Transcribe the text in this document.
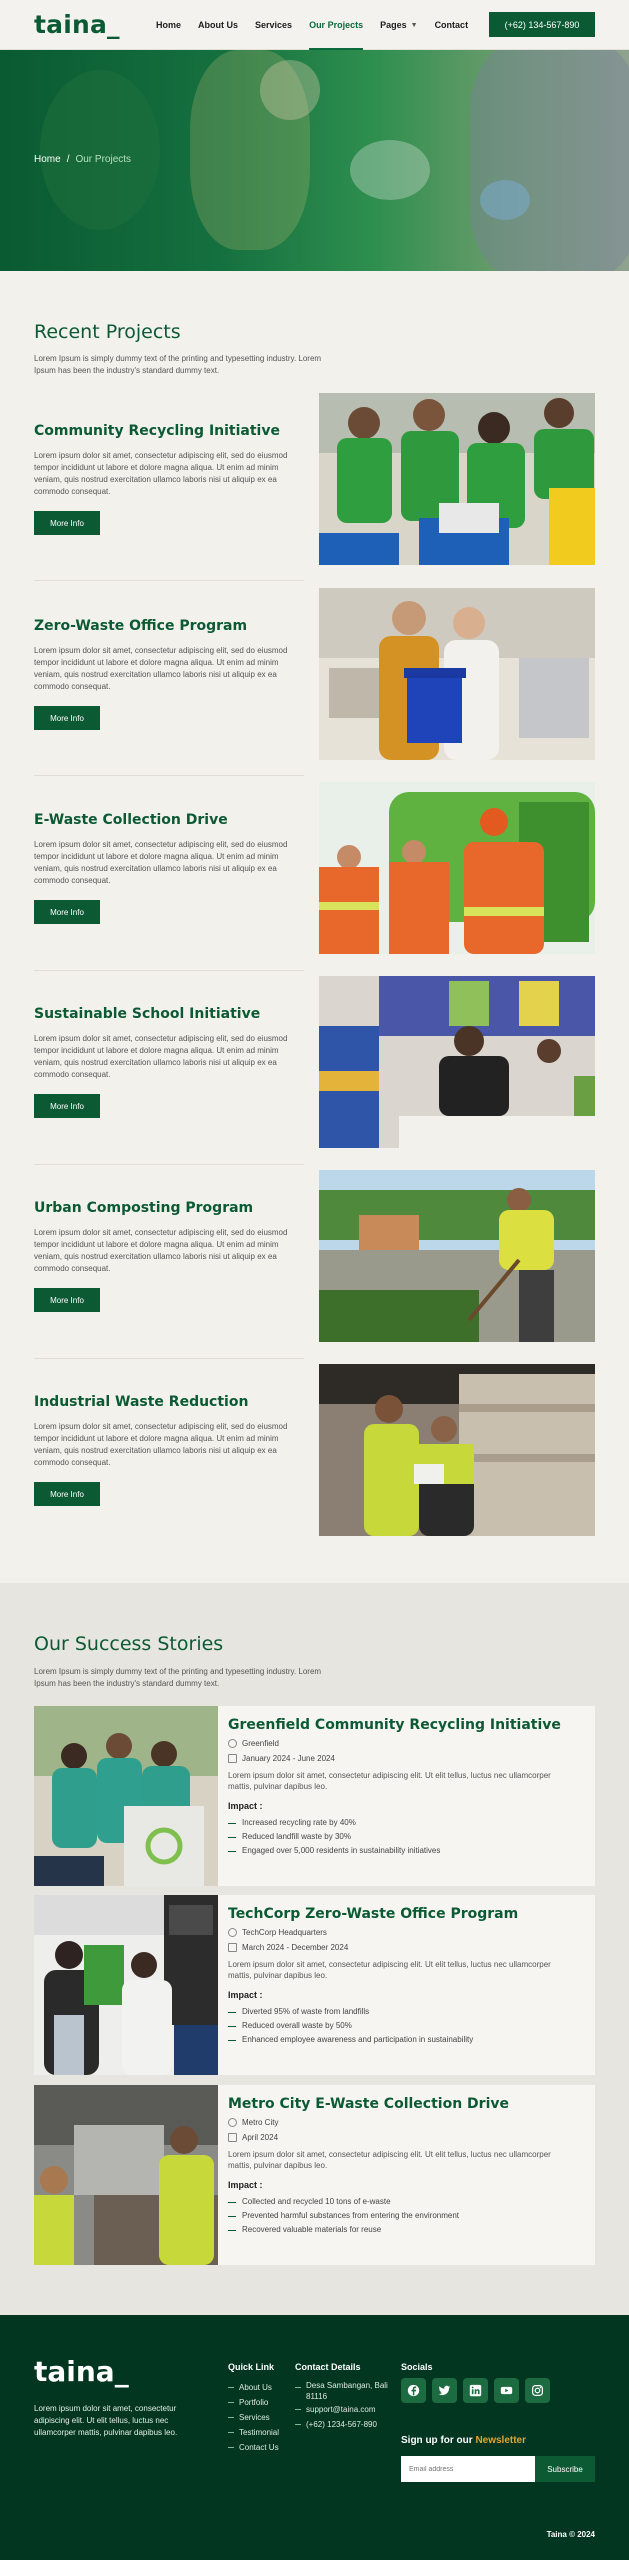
taina_	Home About Us Services Our Projects Pages ▼ Contact	(+62) 134-567-890
Home / Our Projects
Recent Projects
Lorem Ipsum is simply dummy text of the printing and typesetting industry. Lorem Ipsum has been the industry's standard dummy text.
Community Recycling Initiative
Lorem ipsum dolor sit amet, consectetur adipiscing elit, sed do eiusmod tempor incididunt ut labore et dolore magna aliqua. Ut enim ad minim veniam, quis nostrud exercitation ullamco laboris nisi ut aliquip ex ea commodo consequat.
More Info
Zero-Waste Office Program
Lorem ipsum dolor sit amet, consectetur adipiscing elit, sed do eiusmod tempor incididunt ut labore et dolore magna aliqua. Ut enim ad minim veniam, quis nostrud exercitation ullamco laboris nisi ut aliquip ex ea commodo consequat.
More Info
E-Waste Collection Drive
Lorem ipsum dolor sit amet, consectetur adipiscing elit, sed do eiusmod tempor incididunt ut labore et dolore magna aliqua. Ut enim ad minim veniam, quis nostrud exercitation ullamco laboris nisi ut aliquip ex ea commodo consequat.
More Info
Sustainable School Initiative
Lorem ipsum dolor sit amet, consectetur adipiscing elit, sed do eiusmod tempor incididunt ut labore et dolore magna aliqua. Ut enim ad minim veniam, quis nostrud exercitation ullamco laboris nisi ut aliquip ex ea commodo consequat.
More Info
Urban Composting Program
Lorem ipsum dolor sit amet, consectetur adipiscing elit, sed do eiusmod tempor incididunt ut labore et dolore magna aliqua. Ut enim ad minim veniam, quis nostrud exercitation ullamco laboris nisi ut aliquip ex ea commodo consequat.
More Info
Industrial Waste Reduction
Lorem ipsum dolor sit amet, consectetur adipiscing elit, sed do eiusmod tempor incididunt ut labore et dolore magna aliqua. Ut enim ad minim veniam, quis nostrud exercitation ullamco laboris nisi ut aliquip ex ea commodo consequat.
More Info
Our Success Stories
Lorem Ipsum is simply dummy text of the printing and typesetting industry. Lorem Ipsum has been the industry's standard dummy text.
Greenfield Community Recycling Initiative
Greenfield
January 2024 - June 2024
Lorem ipsum dolor sit amet, consectetur adipiscing elit. Ut elit tellus, luctus nec ullamcorper mattis, pulvinar dapibus leo.
Impact :
Increased recycling rate by 40%
Reduced landfill waste by 30%
Engaged over 5,000 residents in sustainability initiatives
TechCorp Zero-Waste Office Program
TechCorp Headquarters
March 2024 - December 2024
Lorem ipsum dolor sit amet, consectetur adipiscing elit. Ut elit tellus, luctus nec ullamcorper mattis, pulvinar dapibus leo.
Impact :
Diverted 95% of waste from landfills
Reduced overall waste by 50%
Enhanced employee awareness and participation in sustainability
Metro City E-Waste Collection Drive
Metro City
April 2024
Lorem ipsum dolor sit amet, consectetur adipiscing elit. Ut elit tellus, luctus nec ullamcorper mattis, pulvinar dapibus leo.
Impact :
Collected and recycled 10 tons of e-waste
Prevented harmful substances from entering the environment
Recovered valuable materials for reuse
taina_
Lorem ipsum dolor sit amet, consectetur adipiscing elit. Ut elit tellus, luctus nec ullamcorper mattis, pulvinar dapibus leo.
Quick Link
About Us
Portfolio
Services
Testimonial
Contact Us
Contact Details
Desa Sambangan, Bali 81116
support@taina.com
(+62) 1234-567-890
Socials
Sign up for our Newsletter
Email address
Subscribe
Taina © 2024
